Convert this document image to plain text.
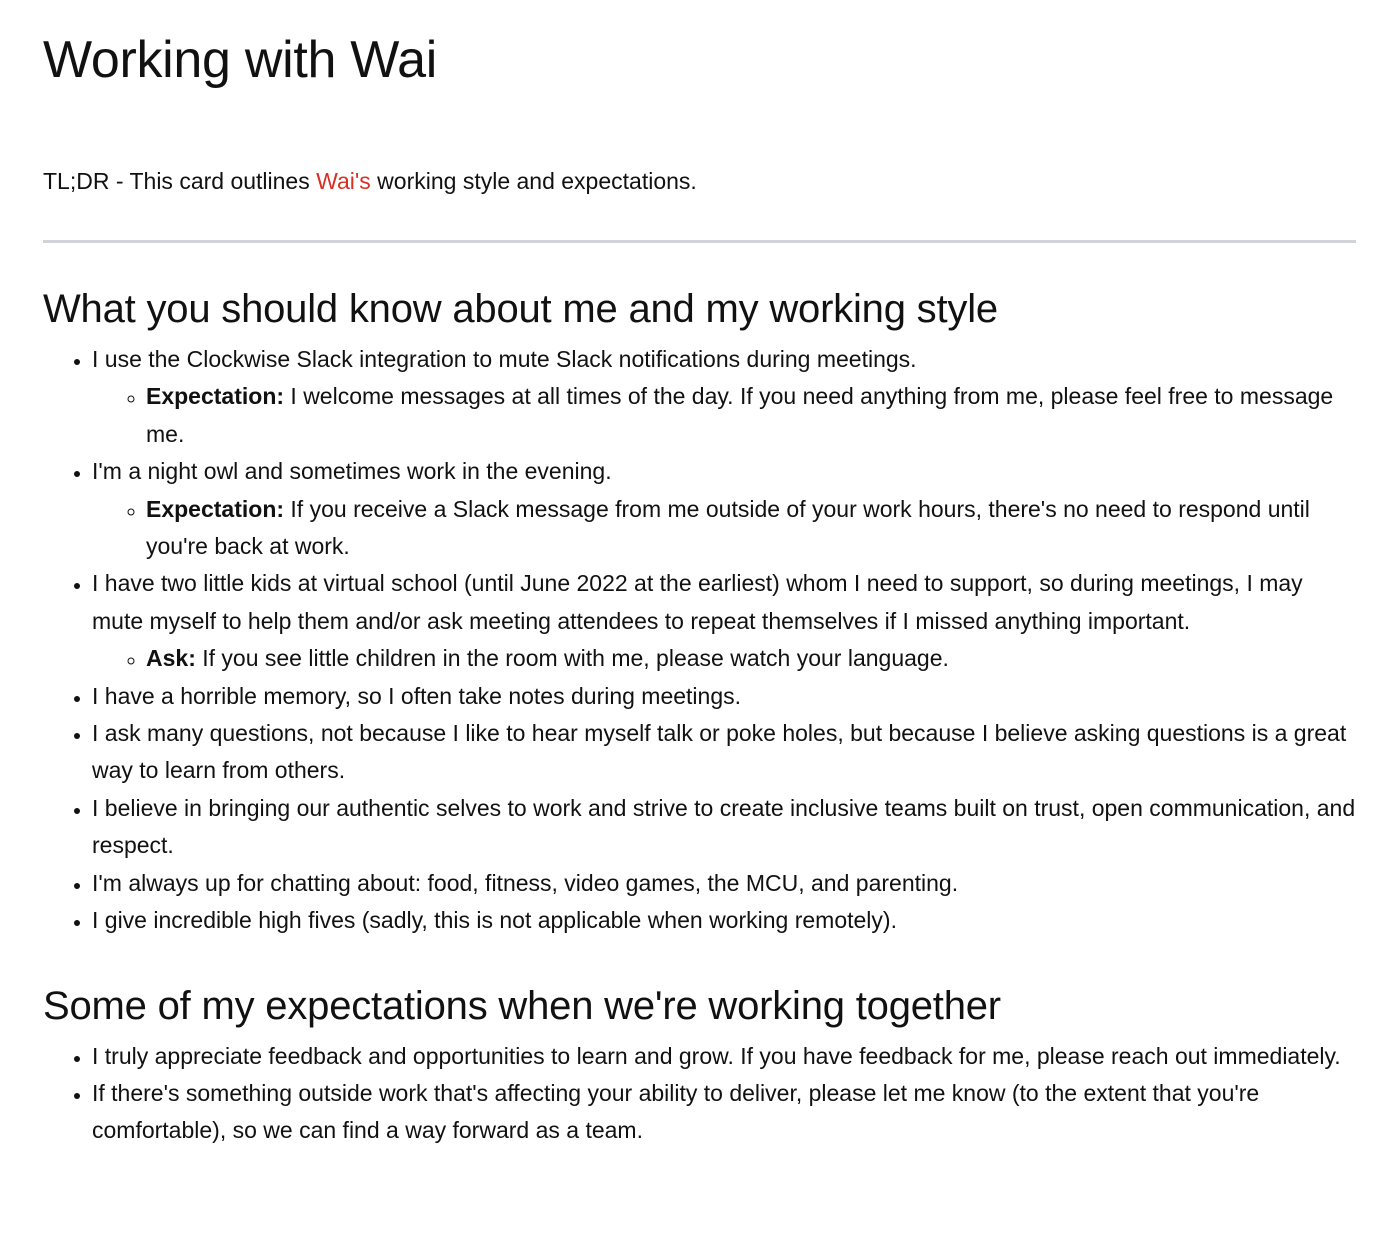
Working with Wai

TL;DR - This card outlines Wai's working style and expectations.

What you should know about me and my working style
• I use the Clockwise Slack integration to mute Slack notifications during meetings.
◦ Expectation: I welcome messages at all times of the day. If you need anything from me, please feel free to message me.
• I'm a night owl and sometimes work in the evening.
◦ Expectation: If you receive a Slack message from me outside of your work hours, there's no need to respond until you're back at work.
• I have two little kids at virtual school (until June 2022 at the earliest) whom I need to support, so during meetings, I may mute myself to help them and/or ask meeting attendees to repeat themselves if I missed anything important.
◦ Ask: If you see little children in the room with me, please watch your language.
• I have a horrible memory, so I often take notes during meetings.
• I ask many questions, not because I like to hear myself talk or poke holes, but because I believe asking questions is a great way to learn from others.
• I believe in bringing our authentic selves to work and strive to create inclusive teams built on trust, open communication, and respect.
• I'm always up for chatting about: food, fitness, video games, the MCU, and parenting.
• I give incredible high fives (sadly, this is not applicable when working remotely).
Some of my expectations when we're working together
• I truly appreciate feedback and opportunities to learn and grow. If you have feedback for me, please reach out immediately.
• If there's something outside work that's affecting your ability to deliver, please let me know (to the extent that you're comfortable), so we can find a way forward as a team.
